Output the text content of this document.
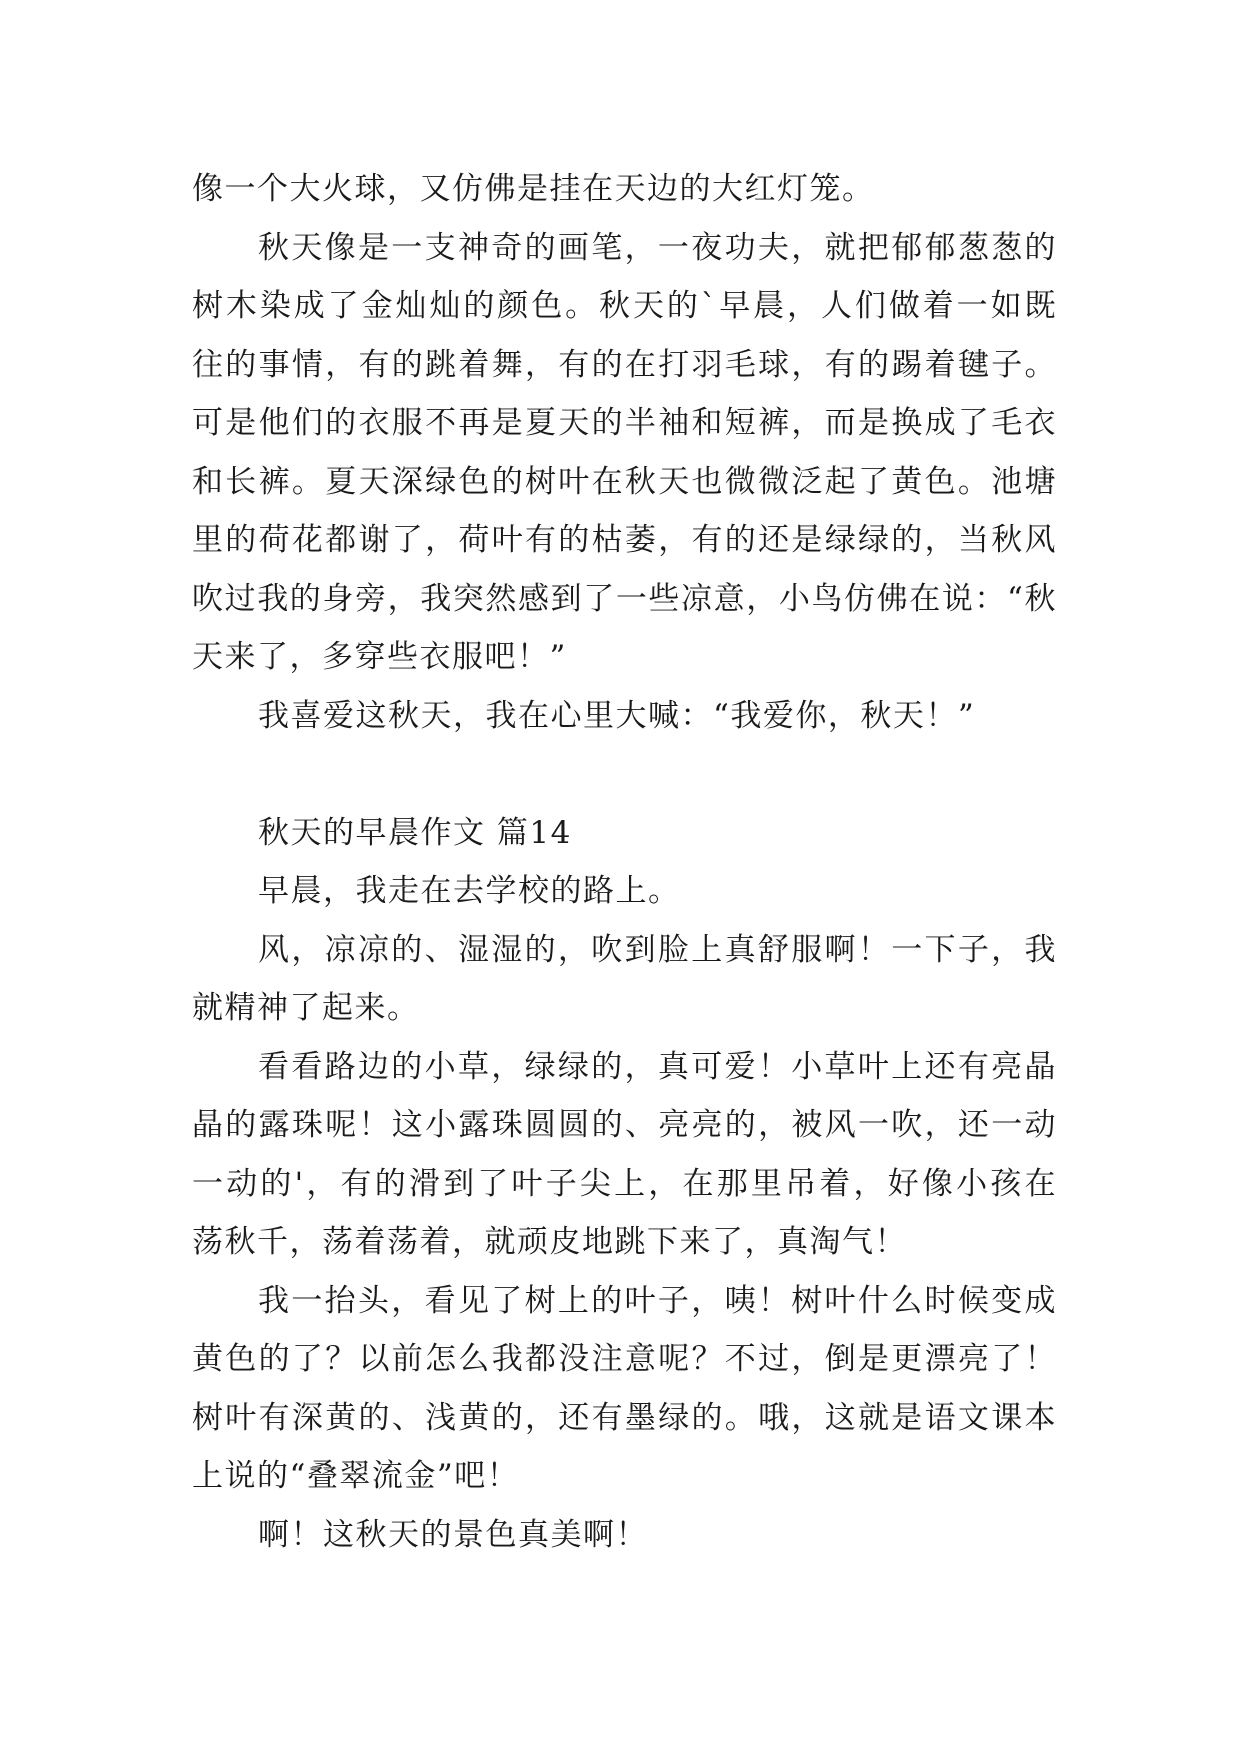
像一个大火球，又仿佛是挂在天边的大红灯笼。
秋天像是一支神奇的画笔，一夜功夫，就把郁郁葱葱的
树木染成了金灿灿的颜色。秋天的`早晨，人们做着一如既
往的事情，有的跳着舞，有的在打羽毛球，有的踢着毽子。
可是他们的衣服不再是夏天的半袖和短裤，而是换成了毛衣
和长裤。夏天深绿色的树叶在秋天也微微泛起了黄色。池塘
里的荷花都谢了，荷叶有的枯萎，有的还是绿绿的，当秋风
吹过我的身旁，我突然感到了一些凉意，小鸟仿佛在说：“秋
天来了，多穿些衣服吧！”
我喜爱这秋天，我在心里大喊：“我爱你，秋天！”
秋天的早晨作文 篇14
早晨，我走在去学校的路上。
风，凉凉的、湿湿的，吹到脸上真舒服啊！一下子，我
就精神了起来。
看看路边的小草，绿绿的，真可爱！小草叶上还有亮晶
晶的露珠呢！这小露珠圆圆的、亮亮的，被风一吹，还一动
一动的'，有的滑到了叶子尖上，在那里吊着，好像小孩在
荡秋千，荡着荡着，就顽皮地跳下来了，真淘气！
我一抬头，看见了树上的叶子，咦！树叶什么时候变成
黄色的了？以前怎么我都没注意呢？不过，倒是更漂亮了！
树叶有深黄的、浅黄的，还有墨绿的。哦，这就是语文课本
上说的“叠翠流金”吧！
啊！这秋天的景色真美啊！
